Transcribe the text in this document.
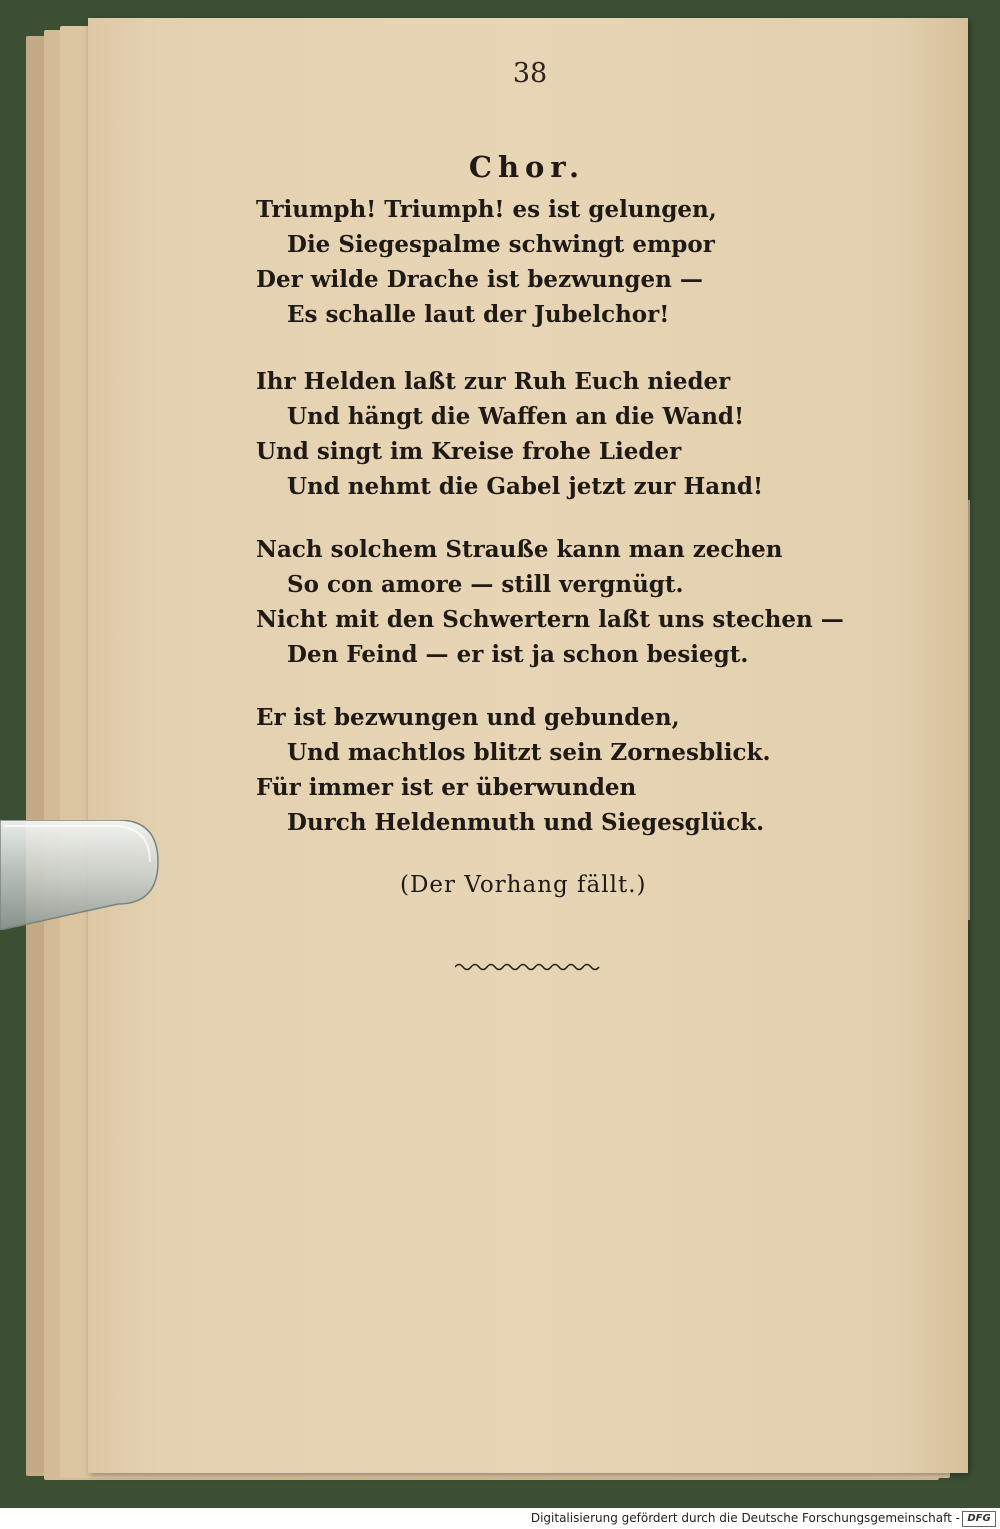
38
Chor.
Triumph! Triumph! es ist gelungen,
Die Siegespalme schwingt empor
Der wilde Drache ist bezwungen —
Es schalle laut der Jubelchor!
Ihr Helden laßt zur Ruh Euch nieder
Und hängt die Waffen an die Wand!
Und singt im Kreise frohe Lieder
Und nehmt die Gabel jetzt zur Hand!
Nach solchem Strauße kann man zechen
So con amore — still vergnügt.
Nicht mit den Schwertern laßt uns stechen —
Den Feind — er ist ja schon besiegt.
Er ist bezwungen und gebunden,
Und machtlos blitzt sein Zornesblick.
Für immer ist er überwunden
Durch Heldenmuth und Siegesglück.
(Der Vorhang fällt.)
Digitalisierung gefördert durch die Deutsche Forschungsgemeinschaft - DFG
